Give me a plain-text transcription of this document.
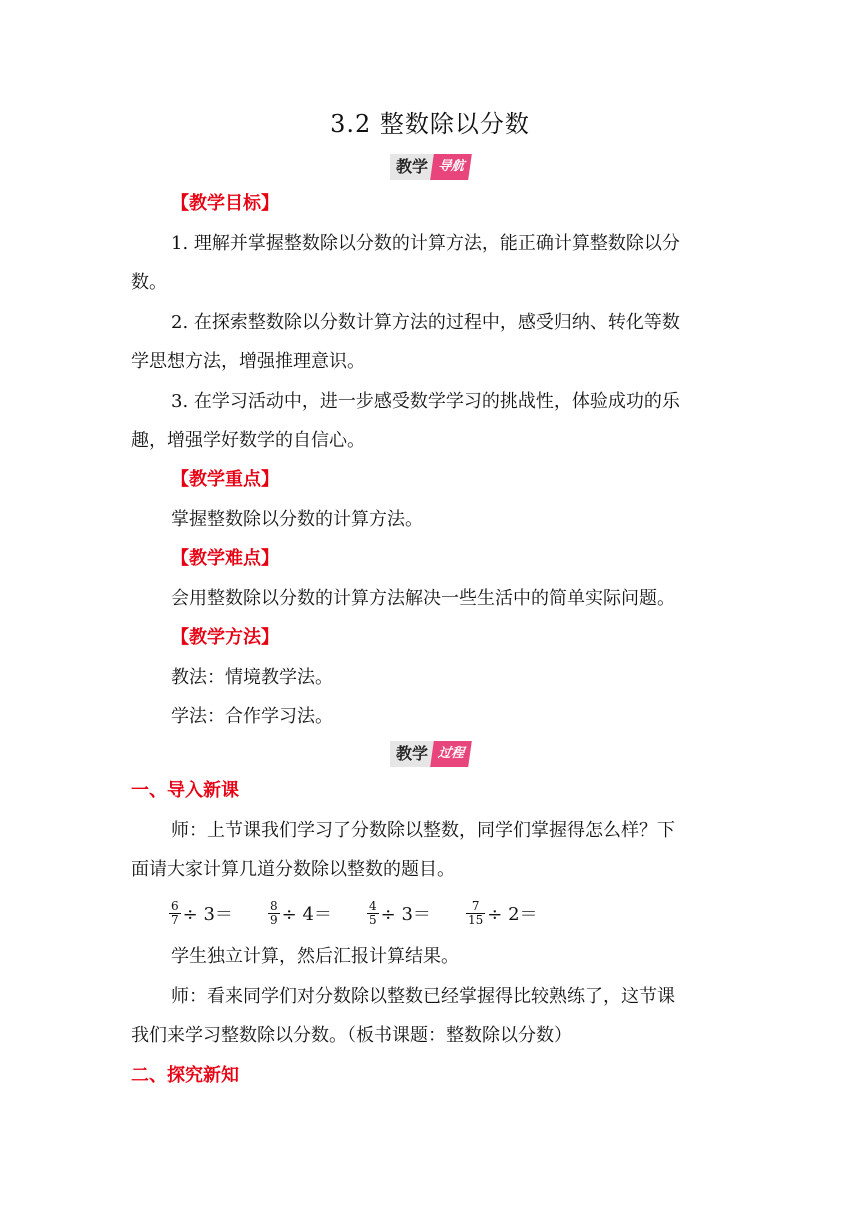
3.2 整数除以分数
教学 导航
【教学目标】
1. 理解并掌握整数除以分数的计算方法，能正确计算整数除以分
数。
2. 在探索整数除以分数计算方法的过程中，感受归纳、转化等数
学思想方法，增强推理意识。
3. 在学习活动中，进一步感受数学学习的挑战性，体验成功的乐
趣，增强学好数学的自信心。
【教学重点】
掌握整数除以分数的计算方法。
【教学难点】
会用整数除以分数的计算方法解决一些生活中的简单实际问题。
【教学方法】
教法：情境教学法。
学法：合作学习法。
教学 过程
一、导入新课
师：上节课我们学习了分数除以整数，同学们掌握得怎么样？下
面请大家计算几道分数除以整数的题目。
$\frac{6}{7} \div 3=$	$\frac{8}{9} \div 4=$	$\frac{4}{5} \div 3=$	$\frac{7}{15} \div 2=$
学生独立计算，然后汇报计算结果。
师：看来同学们对分数除以整数已经掌握得比较熟练了，这节课
我们来学习整数除以分数。（板书课题：整数除以分数）
二、探究新知
